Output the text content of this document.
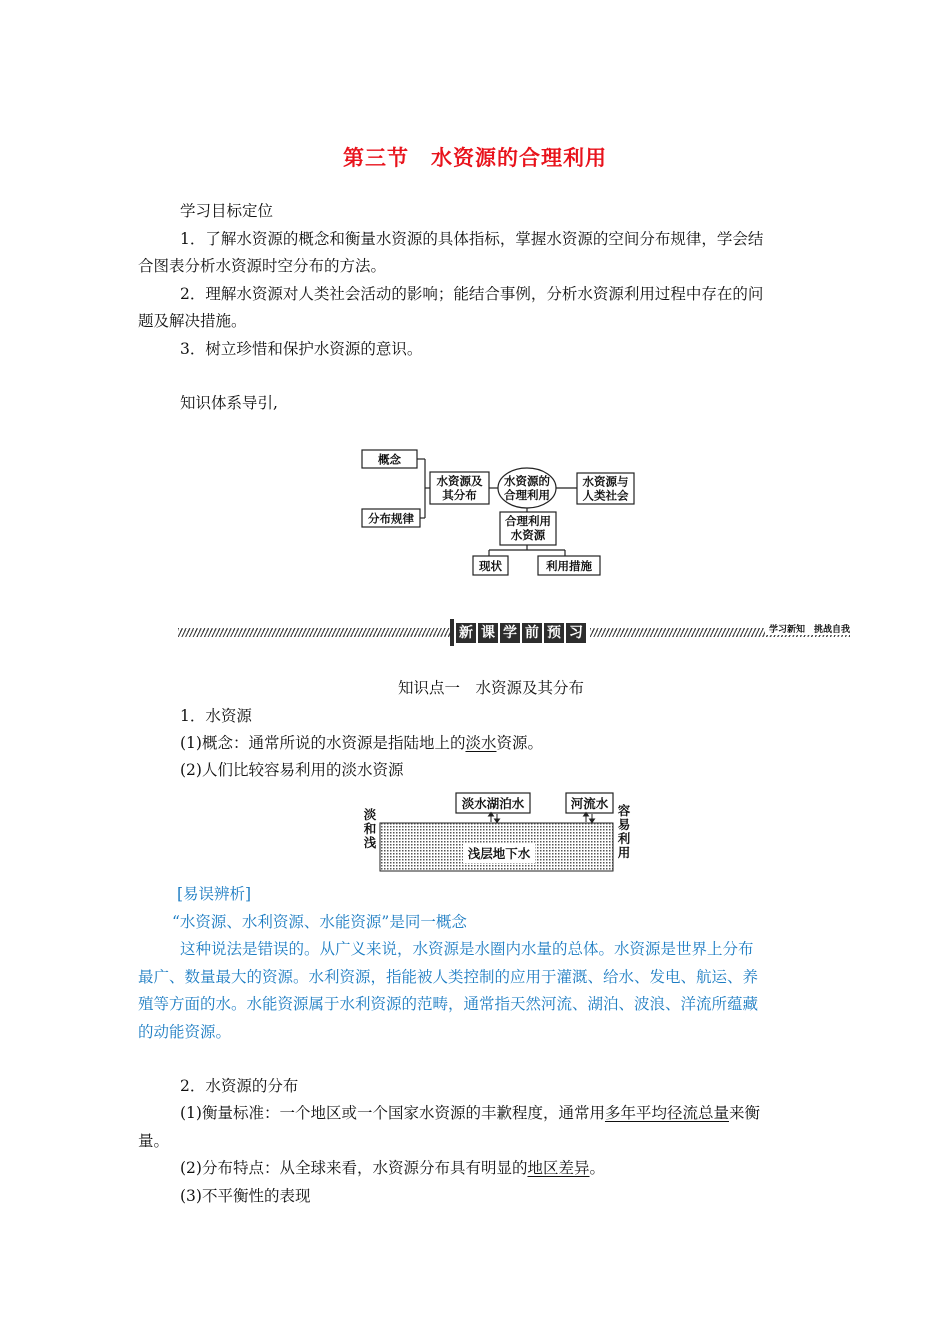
第三节　水资源的合理利用
学习目标定位
1．了解水资源的概念和衡量水资源的具体指标，掌握水资源的空间分布规律，学会结
合图表分析水资源时空分布的方法。
2．理解水资源对人类社会活动的影响；能结合事例，分析水资源利用过程中存在的问
题及解决措施。
3．树立珍惜和保护水资源的意识。
知识体系导引,
概念
分布规律
水资源及
其分布
水资源的
合理利用
水资源与
人类社会
合理利用
水资源
现状	利用措施
新 课 学 前 预 习	学习新知　挑战自我
知识点一　水资源及其分布
1．水资源
(1)概念：通常所说的水资源是指陆地上的淡水资源。
(2)人们比较容易利用的淡水资源
淡水湖泊水	河流水
浅层地下水
淡
和
浅
容
易
利
用
[易误辨析]
“水资源、水利资源、水能资源”是同一概念
这种说法是错误的。从广义来说，水资源是水圈内水量的总体。水资源是世界上分布
最广、数量最大的资源。水利资源，指能被人类控制的应用于灌溉、给水、发电、航运、养
殖等方面的水。水能资源属于水利资源的范畴，通常指天然河流、湖泊、波浪、洋流所蕴藏
的动能资源。
2．水资源的分布
(1)衡量标准：一个地区或一个国家水资源的丰歉程度，通常用多年平均径流总量来衡
量。
(2)分布特点：从全球来看，水资源分布具有明显的地区差异。
(3)不平衡性的表现
